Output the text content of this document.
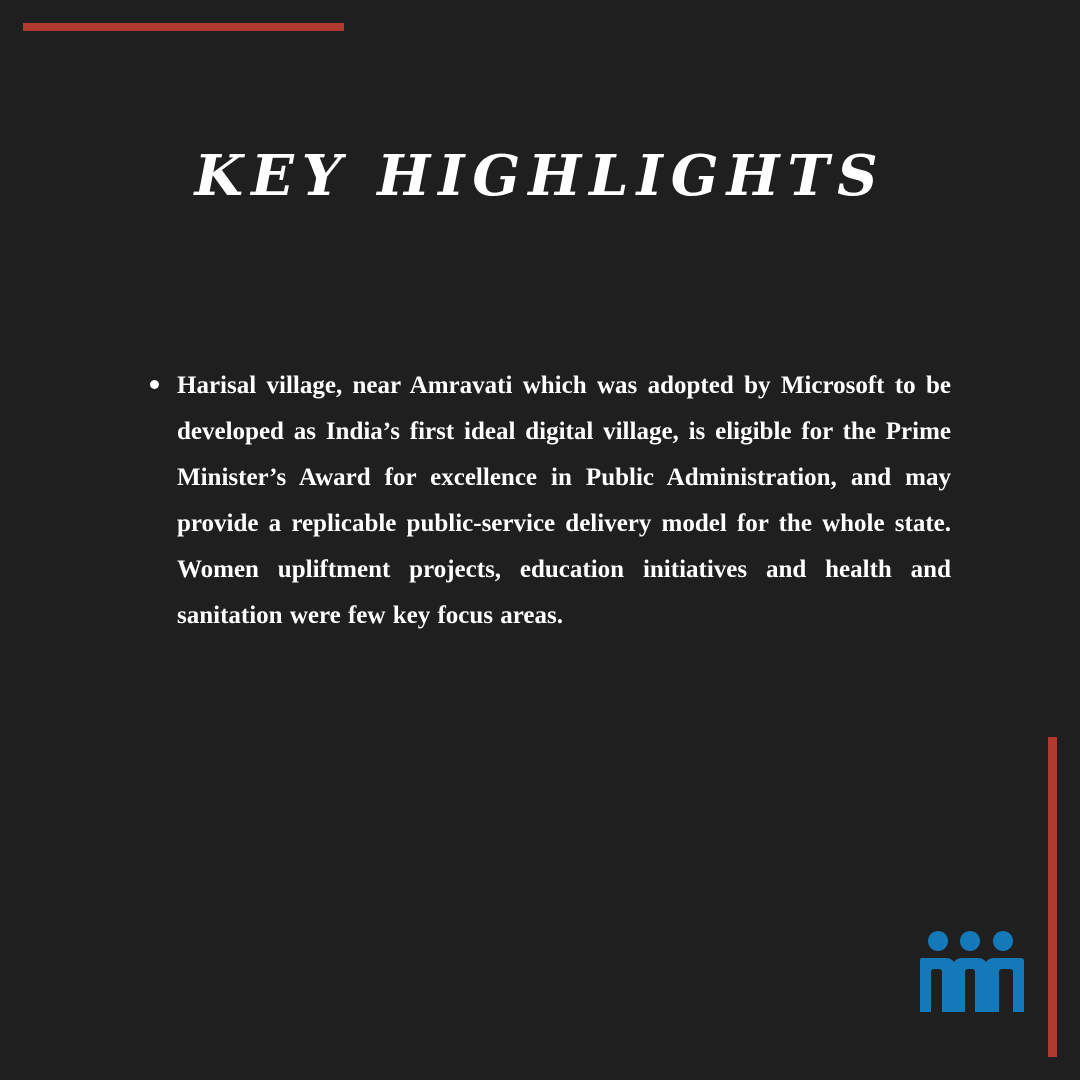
KEY HIGHLIGHTS
Harisal village, near Amravati which was adopted by Microsoft to be developed as India’s first ideal digital village, is eligible for the Prime Minister’s Award for excellence in Public Administration, and may provide a replicable public-service delivery model for the whole state. Women upliftment projects, education initiatives and health and sanitation were few key focus areas.
